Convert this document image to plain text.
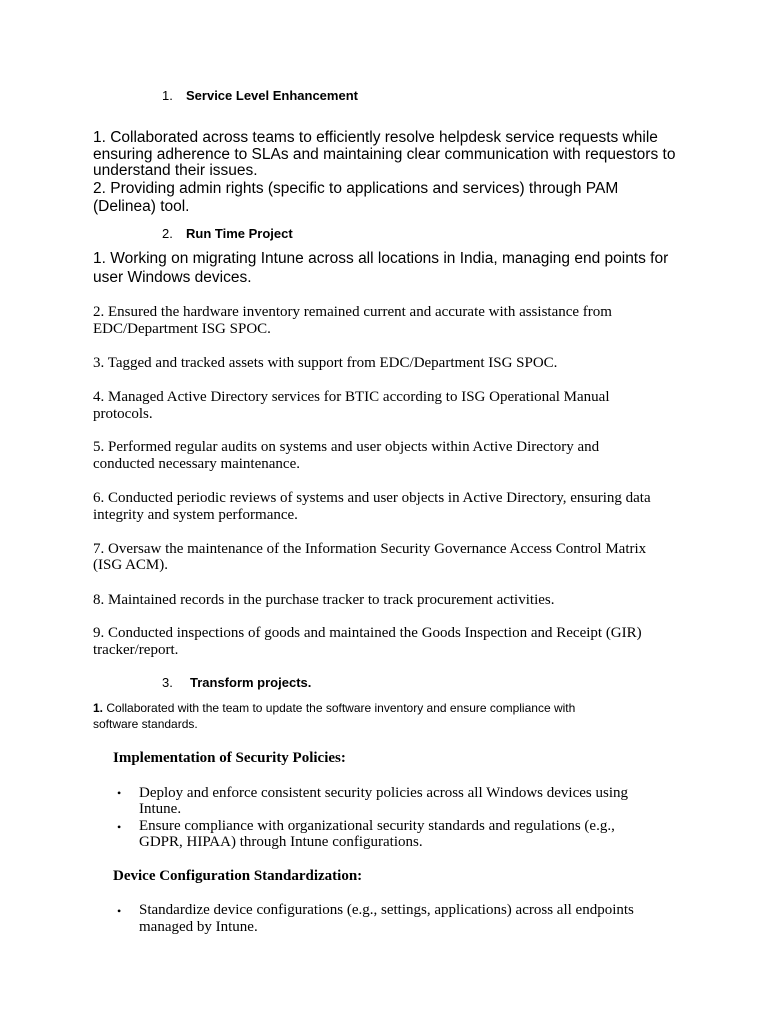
1. Service Level Enhancement
1. Collaborated across teams to efficiently resolve helpdesk service requests while
ensuring adherence to SLAs and maintaining clear communication with requestors to
understand their issues.
2. Providing admin rights (specific to applications and services) through PAM
(Delinea) tool.
2. Run Time Project
1. Working on migrating Intune across all locations in India, managing end points for
user Windows devices.
2. Ensured the hardware inventory remained current and accurate with assistance from
EDC/Department ISG SPOC.
3. Tagged and tracked assets with support from EDC/Department ISG SPOC.
4. Managed Active Directory services for BTIC according to ISG Operational Manual
protocols.
5. Performed regular audits on systems and user objects within Active Directory and
conducted necessary maintenance.
6. Conducted periodic reviews of systems and user objects in Active Directory, ensuring data
integrity and system performance.
7. Oversaw the maintenance of the Information Security Governance Access Control Matrix
(ISG ACM).
8. Maintained records in the purchase tracker to track procurement activities.
9. Conducted inspections of goods and maintained the Goods Inspection and Receipt (GIR)
tracker/report.
3. Transform projects.
1. Collaborated with the team to update the software inventory and ensure compliance with
software standards.
Implementation of Security Policies:
• Deploy and enforce consistent security policies across all Windows devices using
Intune.
• Ensure compliance with organizational security standards and regulations (e.g.,
GDPR, HIPAA) through Intune configurations.
Device Configuration Standardization:
• Standardize device configurations (e.g., settings, applications) across all endpoints
managed by Intune.
